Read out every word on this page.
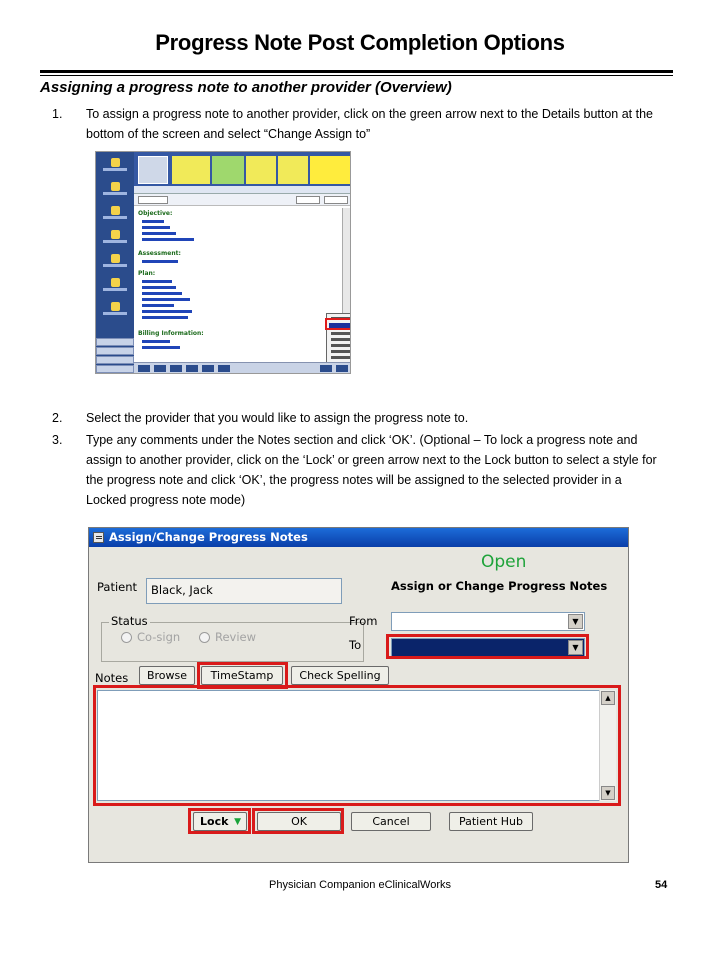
Progress Note Post Completion Options
Assigning a progress note to another provider (Overview)
1. To assign a progress note to another provider, click on the green arrow next to the Details button at the bottom of the screen and select “Change Assign to”
Objective:
Assessment:
Plan:
Billing Information:
2. Select the provider that you would like to assign the progress note to.
3. Type any comments under the Notes section and click ‘OK’. (Optional – To lock a progress note and assign to another provider, click on the ‘Lock’ or green arrow next to the Lock button to select a style for the progress note and click ‘OK’, the progress notes will be assigned to the selected provider in a Locked progress note mode)
Assign/Change Progress Notes
Open
Assign or Change Progress Notes
Patient	Black, Jack
Status
Co-sign	Review
From	▼
To	▼
Notes	Browse	TimeStamp	Check Spelling
▲
▼
Lock ▼	OK	Cancel	Patient Hub
Physician Companion eClinicalWorks	54
